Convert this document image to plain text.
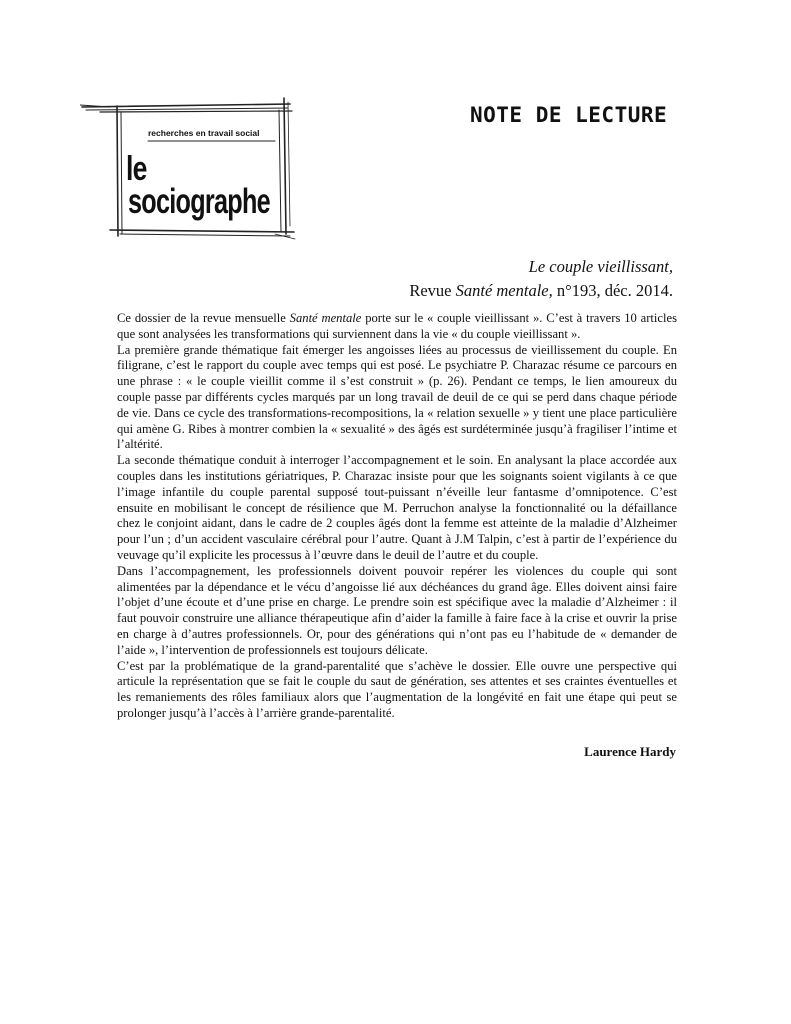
recherches en travail social
le
sociographe
NOTE DE LECTURE
Le couple vieillissant,
Revue Santé mentale, n°193, déc. 2014.

Ce dossier de la revue mensuelle Santé mentale porte sur le « couple vieillissant ». C’est à travers 10 articles que sont analysées les transformations qui surviennent dans la vie « du couple vieillissant ».

La première grande thématique fait émerger les angoisses liées au processus de vieillissement du couple. En filigrane, c’est le rapport du couple avec temps qui est posé. Le psychiatre P. Charazac résume ce parcours en une phrase : « le couple vieillit comme il s’est construit » (p. 26). Pendant ce temps, le lien amoureux du couple passe par différents cycles marqués par un long travail de deuil de ce qui se perd dans chaque période de vie. Dans ce cycle des transformations-recompositions, la « relation sexuelle » y tient une place particulière qui amène G. Ribes à montrer combien la « sexualité » des âgés est surdéterminée jusqu’à fragiliser l’intime et l’altérité.

La seconde thématique conduit à interroger l’accompagnement et le soin. En analysant la place accordée aux couples dans les institutions gériatriques, P. Charazac insiste pour que les soignants soient vigilants à ce que l’image infantile du couple parental supposé tout-puissant n’éveille leur fantasme d’omnipotence. C’est ensuite en mobilisant le concept de résilience que M. Perruchon analyse la fonctionnalité ou la défaillance chez le conjoint aidant, dans le cadre de 2 couples âgés dont la femme est atteinte de la maladie d’Alzheimer pour l’un ; d’un accident vasculaire cérébral pour l’autre. Quant à J.M Talpin, c’est à partir de l’expérience du veuvage qu’il explicite les processus à l’œuvre dans le deuil de l’autre et du couple.

Dans l’accompagnement, les professionnels doivent pouvoir repérer les violences du couple qui sont alimentées par la dépendance et le vécu d’angoisse lié aux déchéances du grand âge. Elles doivent ainsi faire l’objet d’une écoute et d’une prise en charge. Le prendre soin est spécifique avec la maladie d’Alzheimer : il faut pouvoir construire une alliance thérapeutique afin d’aider la famille à faire face à la crise et ouvrir la prise en charge à d’autres professionnels. Or, pour des générations qui n’ont pas eu l’habitude de « demander de l’aide », l’intervention de professionnels est toujours délicate.

C’est par la problématique de la grand-parentalité que s’achève le dossier. Elle ouvre une perspective qui articule la représentation que se fait le couple du saut de génération, ses attentes et ses craintes éventuelles et les remaniements des rôles familiaux alors que l’augmentation de la longévité en fait une étape qui peut se prolonger jusqu’à l’accès à l’arrière grande-parentalité.

Laurence Hardy
